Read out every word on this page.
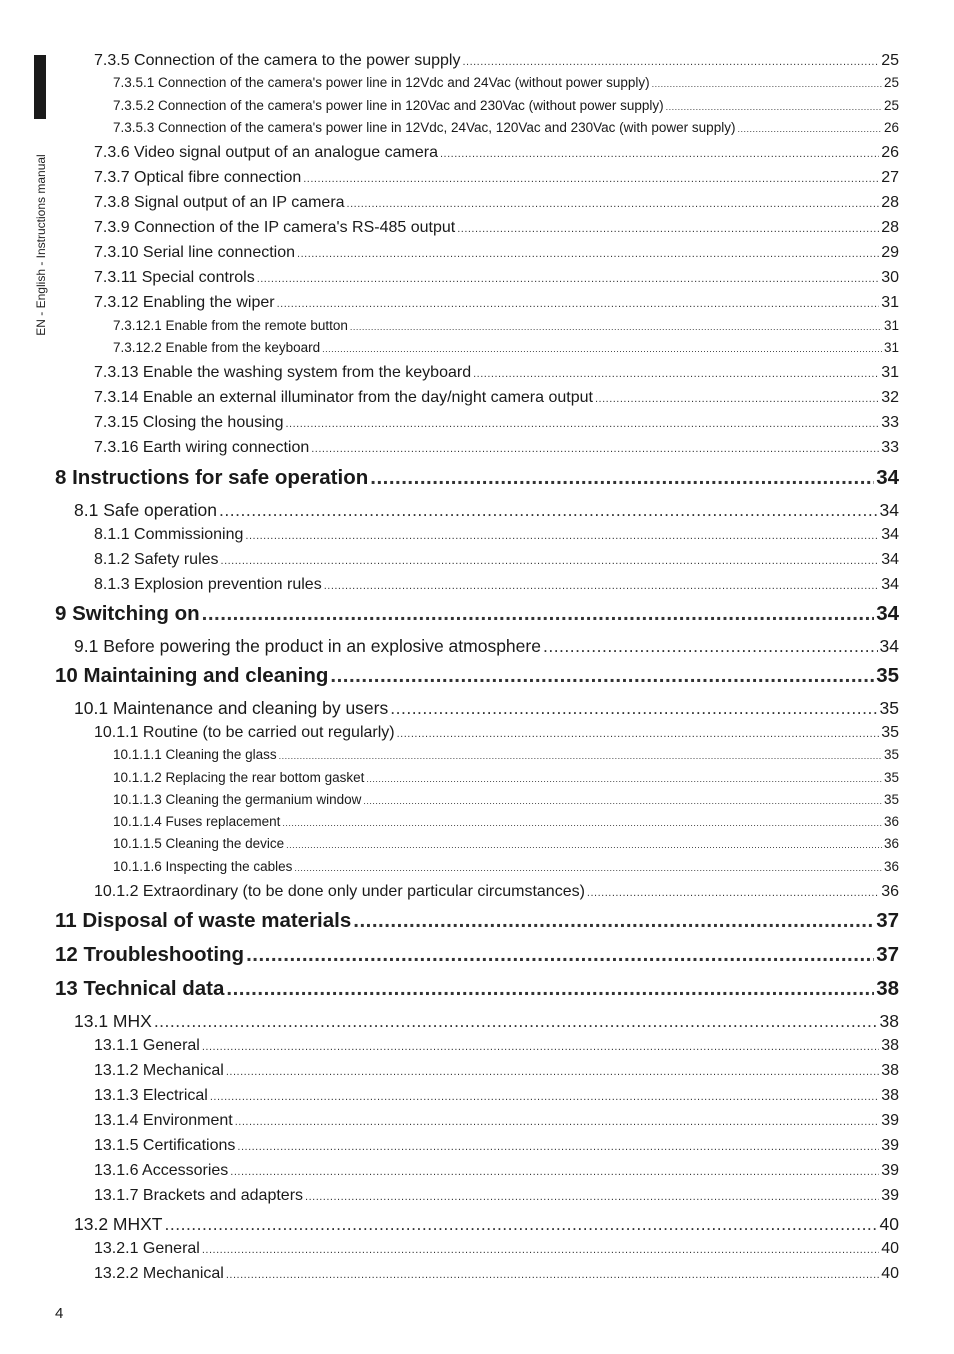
EN - English - Instructions manual
7.3.5 Connection of the camera to the power supply .....	25
7.3.5.1 Connection of the camera's power line in 12Vdc and 24Vac (without power supply) .....	25
7.3.5.2 Connection of the camera's power line in 120Vac and 230Vac (without power supply) .....	25
7.3.5.3 Connection of the camera's power line in 12Vdc, 24Vac, 120Vac and 230Vac (with power supply) .....	26
7.3.6 Video signal output of an analogue camera .....	26
7.3.7 Optical fibre connection .....	27
7.3.8 Signal output of an IP camera .....	28
7.3.9 Connection of the IP camera's RS-485 output .....	28
7.3.10 Serial line connection .....	29
7.3.11 Special controls .....	30
7.3.12 Enabling the wiper .....	31
7.3.12.1 Enable from the remote button .....	31
7.3.12.2 Enable from the keyboard .....	31
7.3.13 Enable the washing system from the keyboard .....	31
7.3.14 Enable an external illuminator from the day/night camera output .....	32
7.3.15 Closing the housing .....	33
7.3.16 Earth wiring connection .....	33
8 Instructions for safe operation .....	34
8.1 Safe operation .....	34
8.1.1 Commissioning .....	34
8.1.2 Safety rules .....	34
8.1.3 Explosion prevention rules .....	34
9 Switching on .....	34
9.1 Before powering the product in an explosive atmosphere .....	34
10 Maintaining and cleaning .....	35
10.1 Maintenance and cleaning by users .....	35
10.1.1 Routine (to be carried out regularly) .....	35
10.1.1.1 Cleaning the glass .....	35
10.1.1.2 Replacing the rear bottom gasket .....	35
10.1.1.3 Cleaning the germanium window .....	35
10.1.1.4 Fuses replacement .....	36
10.1.1.5 Cleaning the device .....	36
10.1.1.6 Inspecting the cables .....	36
10.1.2 Extraordinary (to be done only under particular circumstances) .....	36
11 Disposal of waste materials .....	37
12 Troubleshooting .....	37
13 Technical data .....	38
13.1 MHX .....	38
13.1.1 General .....	38
13.1.2 Mechanical .....	38
13.1.3 Electrical .....	38
13.1.4 Environment .....	39
13.1.5 Certifications .....	39
13.1.6 Accessories .....	39
13.1.7 Brackets and adapters .....	39
13.2 MHXT .....	40
13.2.1 General .....	40
13.2.2 Mechanical .....	40
4
